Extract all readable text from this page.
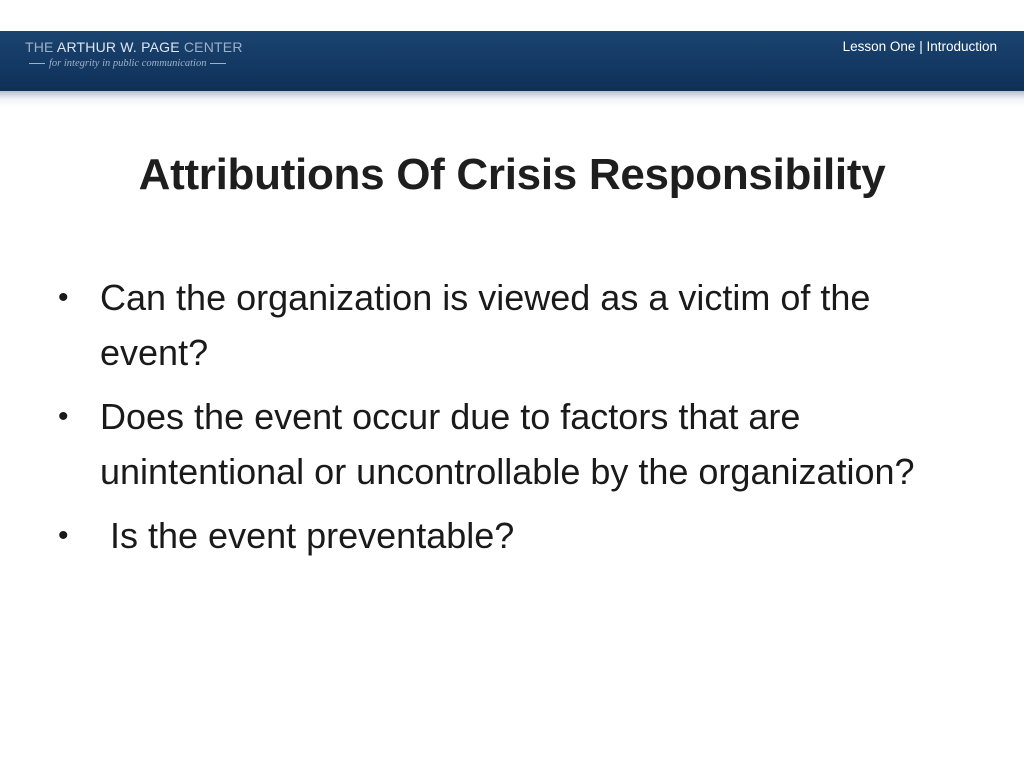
THE ARTHUR W. PAGE CENTER
for integrity in public communication
Lesson One | Introduction
Attributions Of Crisis Responsibility
• Can the organization is viewed as a victim of the event?
• Does the event occur due to factors that are unintentional or uncontrollable by the organization?
• Is the event preventable?
